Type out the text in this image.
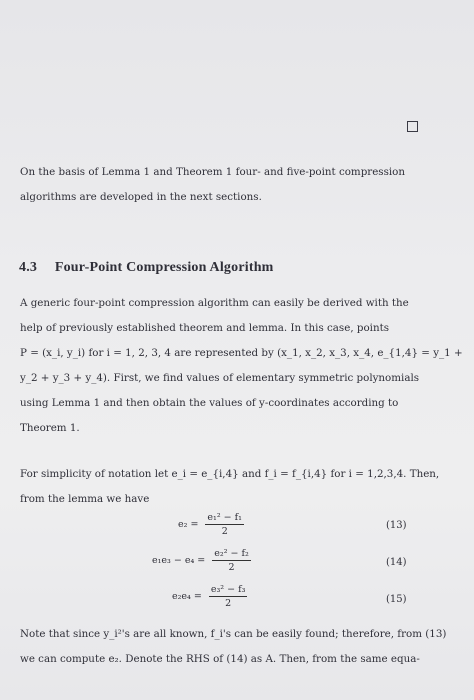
On the basis of Lemma 1 and Theorem 1 four- and five-point compression
algorithms are developed in the next sections.
4.3 Four-Point Compression Algorithm
A generic four-point compression algorithm can easily be derived with the
help of previously established theorem and lemma. In this case, points
P = (x_i, y_i) for i = 1, 2, 3, 4 are represented by (x_1, x_2, x_3, x_4, e_{1,4} = y_1 +
y_2 + y_3 + y_4). First, we find values of elementary symmetric polynomials
using Lemma 1 and then obtain the values of y-coordinates according to
Theorem 1.
For simplicity of notation let e_i = e_{i,4} and f_i = f_{i,4} for i = 1,2,3,4. Then,
from the lemma we have
$e_2 = \frac{\text{e₁² − f₁}}{2}$	(13)
$e_1e_3 - e_4 = \frac{\text{e₂² − f₂}}{2}$	(14)
$e_2e_4 = \frac{\text{e₃² − f₃}}{2}$	(15)
Note that since y_i²'s are all known, f_i's can be easily found; therefore, from (13)
we can compute e₂. Denote the RHS of (14) as A. Then, from the same equa-
